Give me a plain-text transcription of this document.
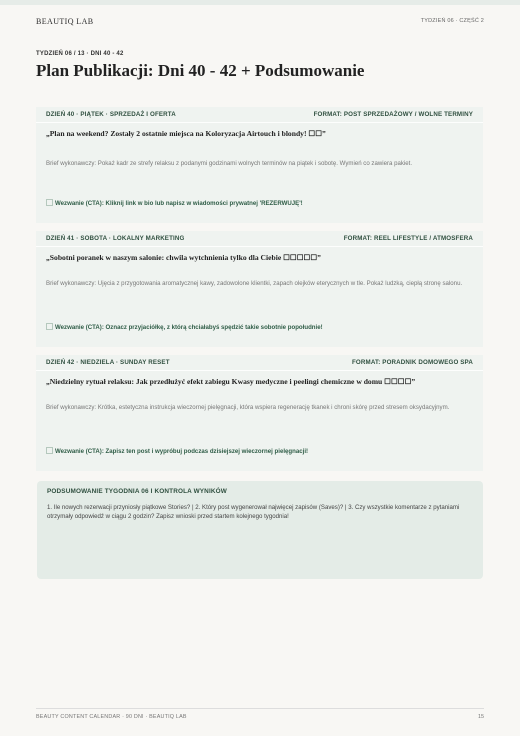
BEAUTIQ LAB	TYDZIEŃ 06 · CZĘŚĆ 2
TYDZIEŃ 06 / 13 · DNI 40 - 42
Plan Publikacji: Dni 40 - 42 + Podsumowanie
DZIEŃ 40 · PIĄTEK · SPRZEDAŻ I OFERTA	FORMAT: POST SPRZEDAŻOWY / WOLNE TERMINY
„Plan na weekend? Zostały 2 ostatnie miejsca na Koloryzacja Airtouch i blondy! ☐☐”
Brief wykonawczy: Pokaż kadr ze strefy relaksu z podanymi godzinami wolnych terminów na piątek i sobotę. Wymień co zawiera pakiet.
Wezwanie (CTA): Kliknij link w bio lub napisz w wiadomości prywatnej 'REZERWUJĘ'!
DZIEŃ 41 · SOBOTA · LOKALNY MARKETING	FORMAT: REEL LIFESTYLE / ATMOSFERA
„Sobotni poranek w naszym salonie: chwila wytchnienia tylko dla Ciebie ☐☐☐☐☐”
Brief wykonawczy: Ujęcia z przygotowania aromatycznej kawy, zadowolone klientki, zapach olejków eterycznych w tle. Pokaż ludzką, ciepłą stronę salonu.
Wezwanie (CTA): Oznacz przyjaciółkę, z którą chciałabyś spędzić takie sobotnie popołudnie!
DZIEŃ 42 · NIEDZIELA · SUNDAY RESET	FORMAT: PORADNIK DOMOWEGO SPA
„Niedzielny rytuał relaksu: Jak przedłużyć efekt zabiegu Kwasy medyczne i peelingi chemiczne w domu ☐☐☐☐”
Brief wykonawczy: Krótka, estetyczna instrukcja wieczornej pielęgnacji, która wspiera regenerację tkanek i chroni skórę przed stresem oksydacyjnym.
Wezwanie (CTA): Zapisz ten post i wypróbuj podczas dzisiejszej wieczornej pielęgnacji!
PODSUMOWANIE TYGODNIA 06 I KONTROLA WYNIKÓW
1. Ile nowych rezerwacji przyniosły piątkowe Stories? | 2. Który post wygenerował najwięcej zapisów (Saves)? | 3. Czy wszystkie komentarze z pytaniami otrzymały odpowiedź w ciągu 2 godzin? Zapisz wnioski przed startem kolejnego tygodnia!
BEAUTY CONTENT CALENDAR · 90 DNI · BEAUTIQ LAB	15
